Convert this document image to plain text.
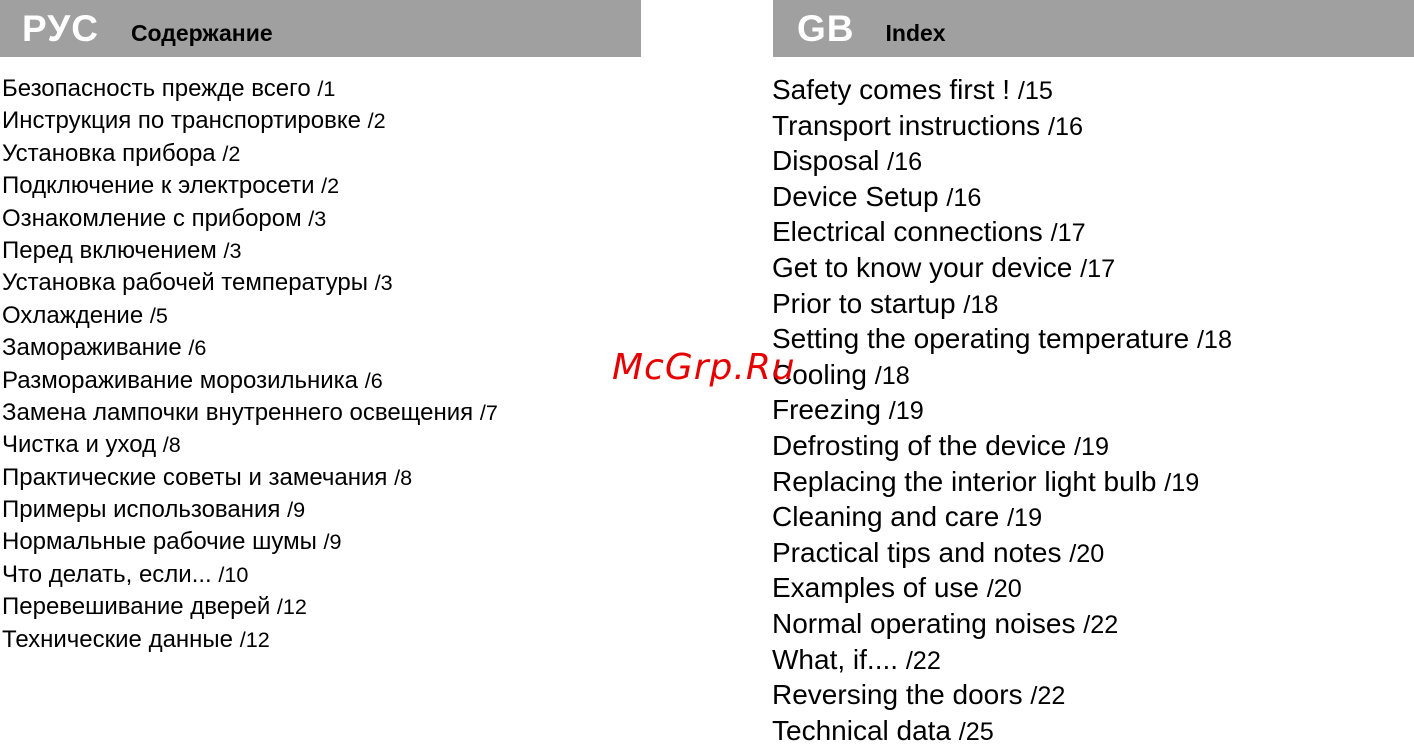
РУС Содержание	GB Index
Безопасность прежде всего /1
Инструкция по транспортировке /2
Установка прибора /2
Подключение к электросети /2
Ознакомление с прибором /3
Перед включением /3
Установка рабочей температуры /3
Охлаждение /5
Замораживание /6
Размораживание морозильника /6
Замена лампочки внутреннего освещения /7
Чистка и уход /8
Практические советы и замечания /8
Примеры использования /9
Нормальные рабочие шумы /9
Что делать, если... /10
Перевешивание дверей /12
Технические данные /12
Safety comes first ! /15
Transport instructions /16
Disposal /16
Device Setup /16
Electrical connections /17
Get to know your device /17
Prior to startup /18
Setting the operating temperature /18
Cooling /18
Freezing /19
Defrosting of the device /19
Replacing the interior light bulb /19
Cleaning and care /19
Practical tips and notes /20
Examples of use /20
Normal operating noises /22
What, if.... /22
Reversing the doors /22
Technical data /25
McGrp.Ru
